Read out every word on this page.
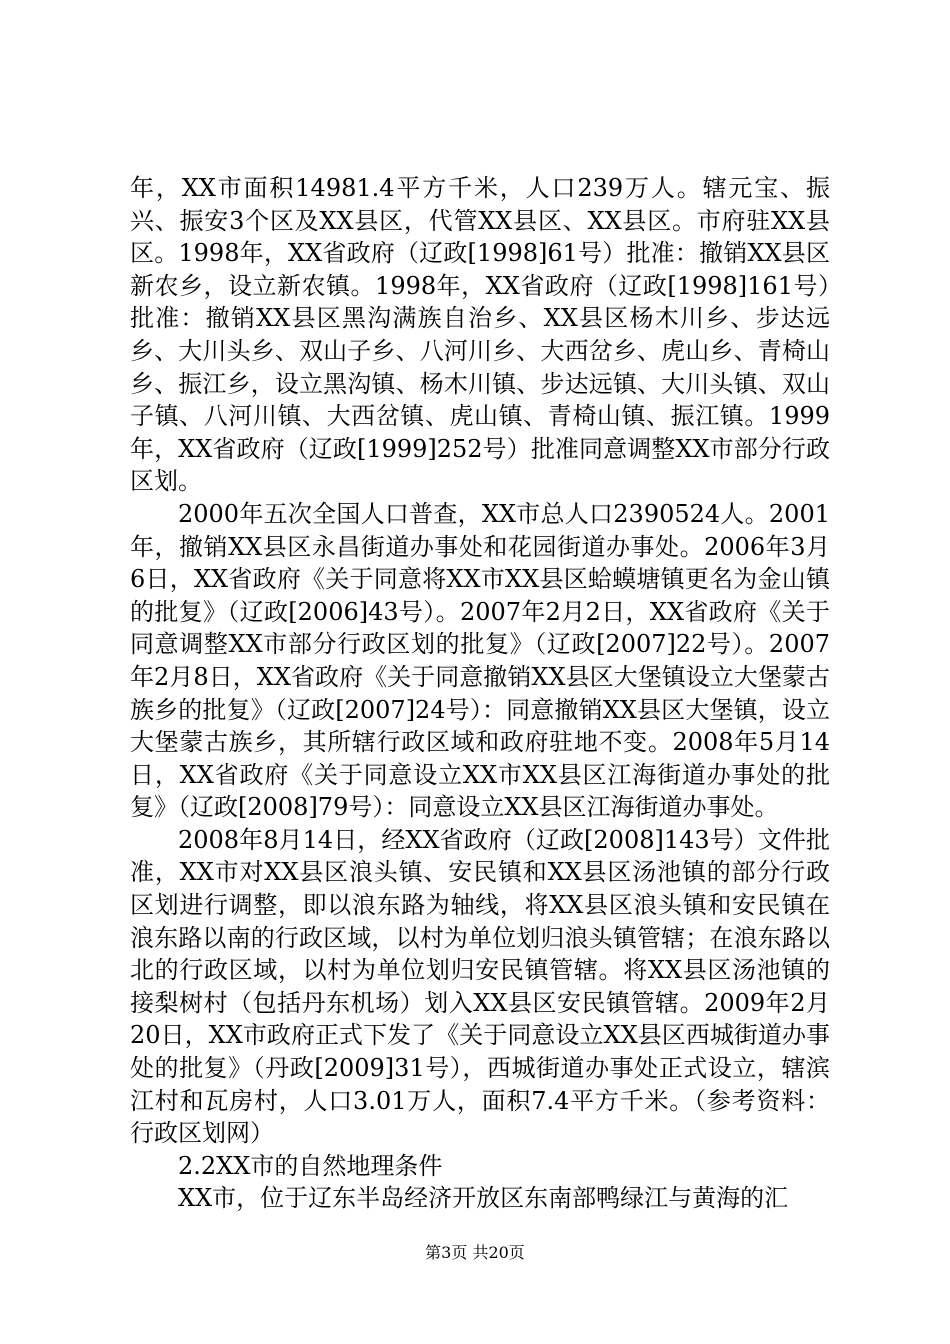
年，XX市面积14981.4平方千米，人口239万人。辖元宝、振兴、振安3个区及XX县区，代管XX县区、XX县区。市府驻XX县区。1998年，XX省政府（辽政[1998]61号）批准：撤销XX县区新农乡，设立新农镇。1998年，XX省政府（辽政[1998]161号）批准：撤销XX县区黑沟满族自治乡、XX县区杨木川乡、步达远乡、大川头乡、双山子乡、八河川乡、大西岔乡、虎山乡、青椅山乡、振江乡，设立黑沟镇、杨木川镇、步达远镇、大川头镇、双山子镇、八河川镇、大西岔镇、虎山镇、青椅山镇、振江镇。1999年，XX省政府（辽政[1999]252号）批准同意调整XX市部分行政区划。

2000年五次全国人口普查，XX市总人口2390524人。2001年，撤销XX县区永昌街道办事处和花园街道办事处。2006年3月6日，XX省政府《关于同意将XX市XX县区蛤蟆塘镇更名为金山镇的批复》（辽政[2006]43号）。2007年2月2日，XX省政府《关于同意调整XX市部分行政区划的批复》（辽政[2007]22号）。2007年2月8日，XX省政府《关于同意撤销XX县区大堡镇设立大堡蒙古族乡的批复》（辽政[2007]24号）：同意撤销XX县区大堡镇，设立大堡蒙古族乡，其所辖行政区域和政府驻地不变。2008年5月14日，XX省政府《关于同意设立XX市XX县区江海街道办事处的批复》（辽政[2008]79号）：同意设立XX县区江海街道办事处。

2008年8月14日，经XX省政府（辽政[2008]143号）文件批准，XX市对XX县区浪头镇、安民镇和XX县区汤池镇的部分行政区划进行调整，即以浪东路为轴线，将XX县区浪头镇和安民镇在浪东路以南的行政区域，以村为单位划归浪头镇管辖；在浪东路以北的行政区域，以村为单位划归安民镇管辖。将XX县区汤池镇的接梨树村（包括丹东机场）划入XX县区安民镇管辖。2009年2月20日，XX市政府正式下发了《关于同意设立XX县区西城街道办事处的批复》（丹政[2009]31号），西城街道办事处正式设立，辖滨江村和瓦房村，人口3.01万人，面积7.4平方千米。（参考资料：行政区划网）

2.2XX市的自然地理条件

XX市，位于辽东半岛经济开放区东南部鸭绿江与黄海的汇

第3页 共20页
